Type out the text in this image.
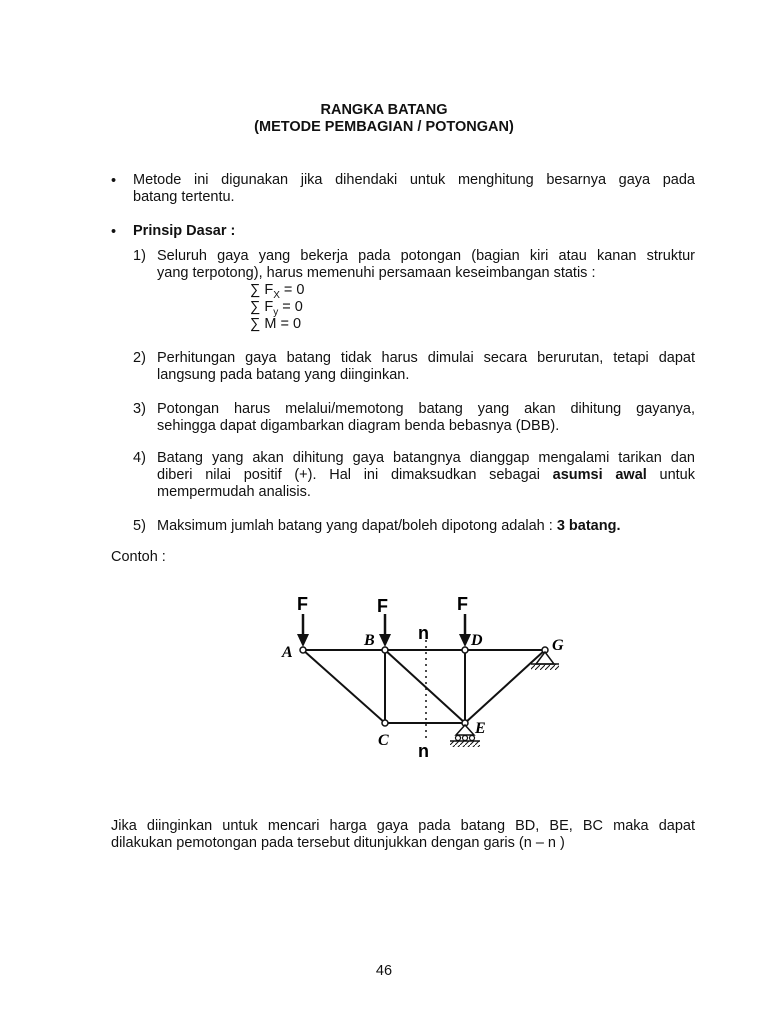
RANGKA BATANG
(METODE PEMBAGIAN / POTONGAN)
• Metode ini digunakan jika dihendaki untuk menghitung besarnya gaya pada
batang tertentu.
• Prinsip Dasar :
1) Seluruh gaya yang bekerja pada potongan (bagian kiri atau kanan struktur
yang terpotong), harus memenuhi persamaan keseimbangan statis :
∑ $F_X = 0$
∑ $F_y = 0$
∑ M = 0
2) Perhitungan gaya batang tidak harus dimulai secara berurutan, tetapi dapat
langsung pada batang yang diinginkan.
3) Potongan harus melalui/memotong batang yang akan dihitung gayanya,
sehingga dapat digambarkan diagram benda bebasnya (DBB).
4) Batang yang akan dihitung gaya batangnya dianggap mengalami tarikan dan
diberi nilai positif (+). Hal ini dimaksudkan sebagai asumsi awal untuk
mempermudah analisis.
5) Maksimum jumlah batang yang dapat/boleh dipotong adalah : 3 batang.
Contoh :
F	F	F
A
B
C
D
E
G
n
n
Jika diinginkan untuk mencari harga gaya pada batang BD, BE, BC maka dapat
dilakukan pemotongan pada tersebut ditunjukkan dengan garis (n – n )
46
